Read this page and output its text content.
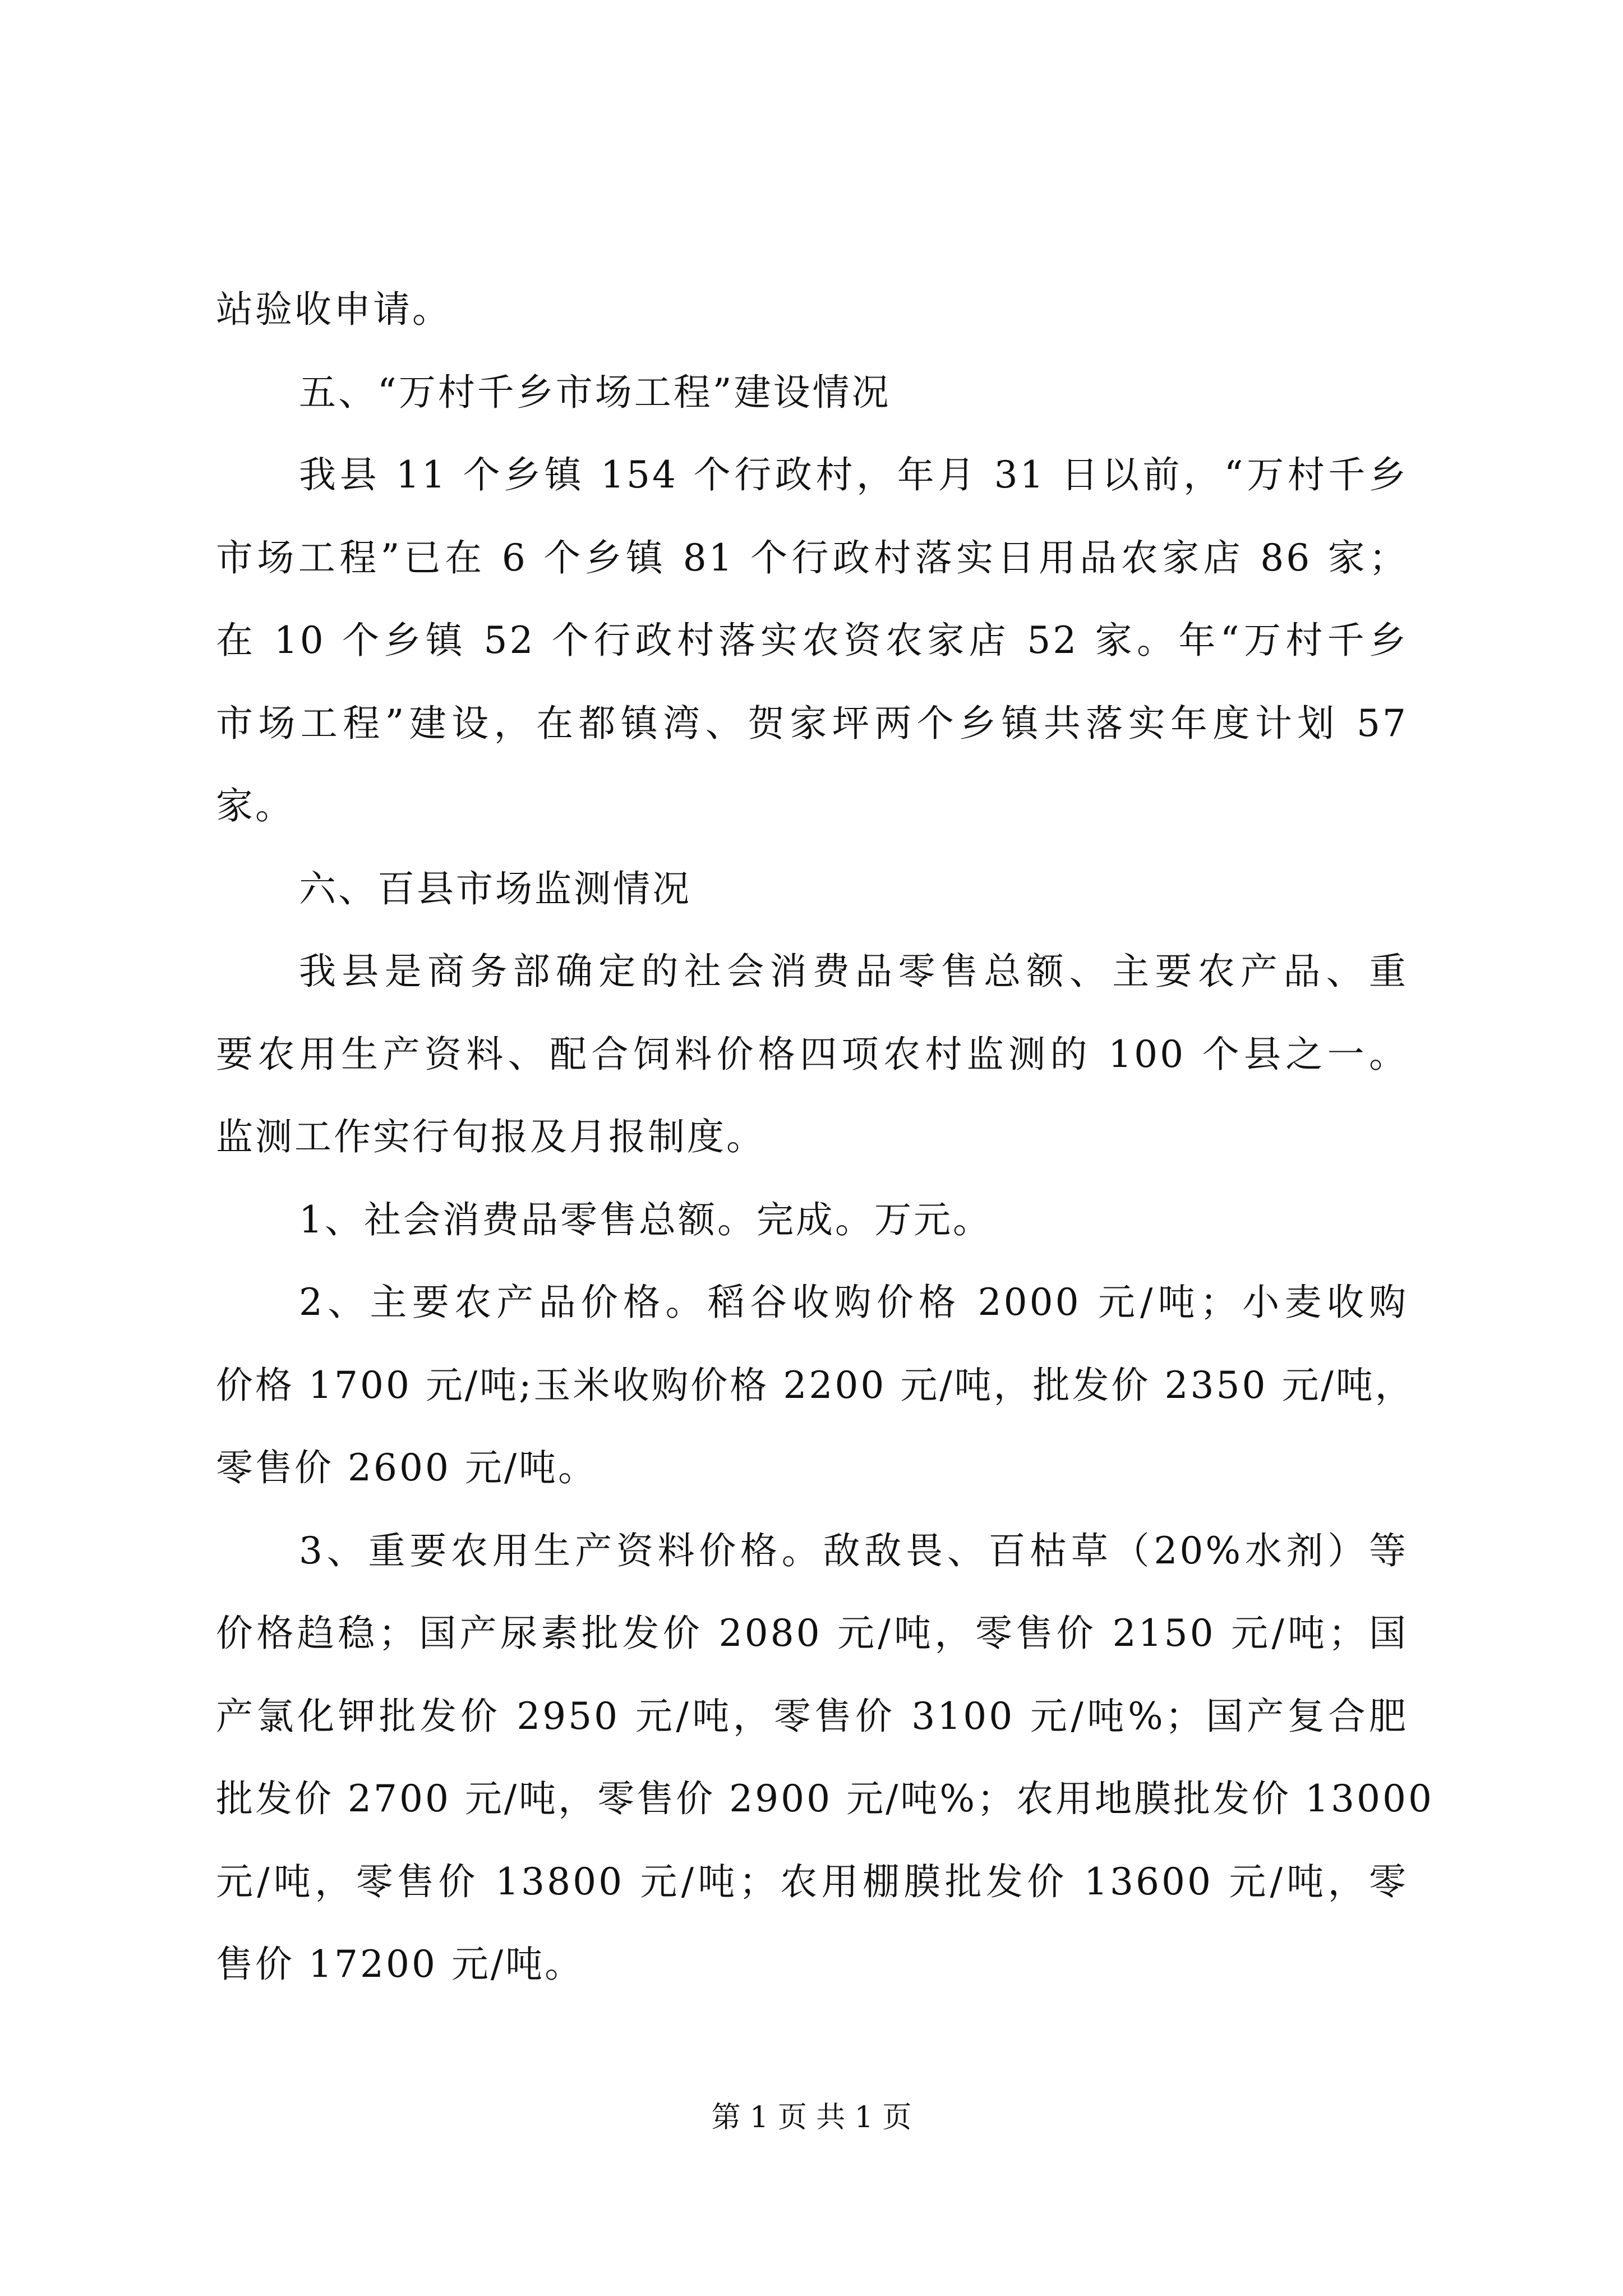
站验收申请。
五、“万村千乡市场工程”建设情况
我县 11 个乡镇 154 个行政村，年月 31 日以前，“万村千乡
市场工程”已在 6 个乡镇 81 个行政村落实日用品农家店 86 家；
在 10 个乡镇 52 个行政村落实农资农家店 52 家。年“万村千乡
市场工程”建设，在都镇湾、贺家坪两个乡镇共落实年度计划 57
家。
六、百县市场监测情况
我县是商务部确定的社会消费品零售总额、主要农产品、重
要农用生产资料、配合饲料价格四项农村监测的 100 个县之一。
监测工作实行旬报及月报制度。
1、社会消费品零售总额。完成。万元。
2、主要农产品价格。稻谷收购价格 2000 元/吨；小麦收购
价格 1700 元/吨;玉米收购价格 2200 元/吨，批发价 2350 元/吨，
零售价 2600 元/吨。
3、重要农用生产资料价格。敌敌畏、百枯草（20%水剂）等
价格趋稳；国产尿素批发价 2080 元/吨，零售价 2150 元/吨；国
产氯化钾批发价 2950 元/吨，零售价 3100 元/吨%；国产复合肥
批发价 2700 元/吨，零售价 2900 元/吨%；农用地膜批发价 13000
元/吨，零售价 13800 元/吨；农用棚膜批发价 13600 元/吨，零
售价 17200 元/吨。
第 1 页 共 1 页
